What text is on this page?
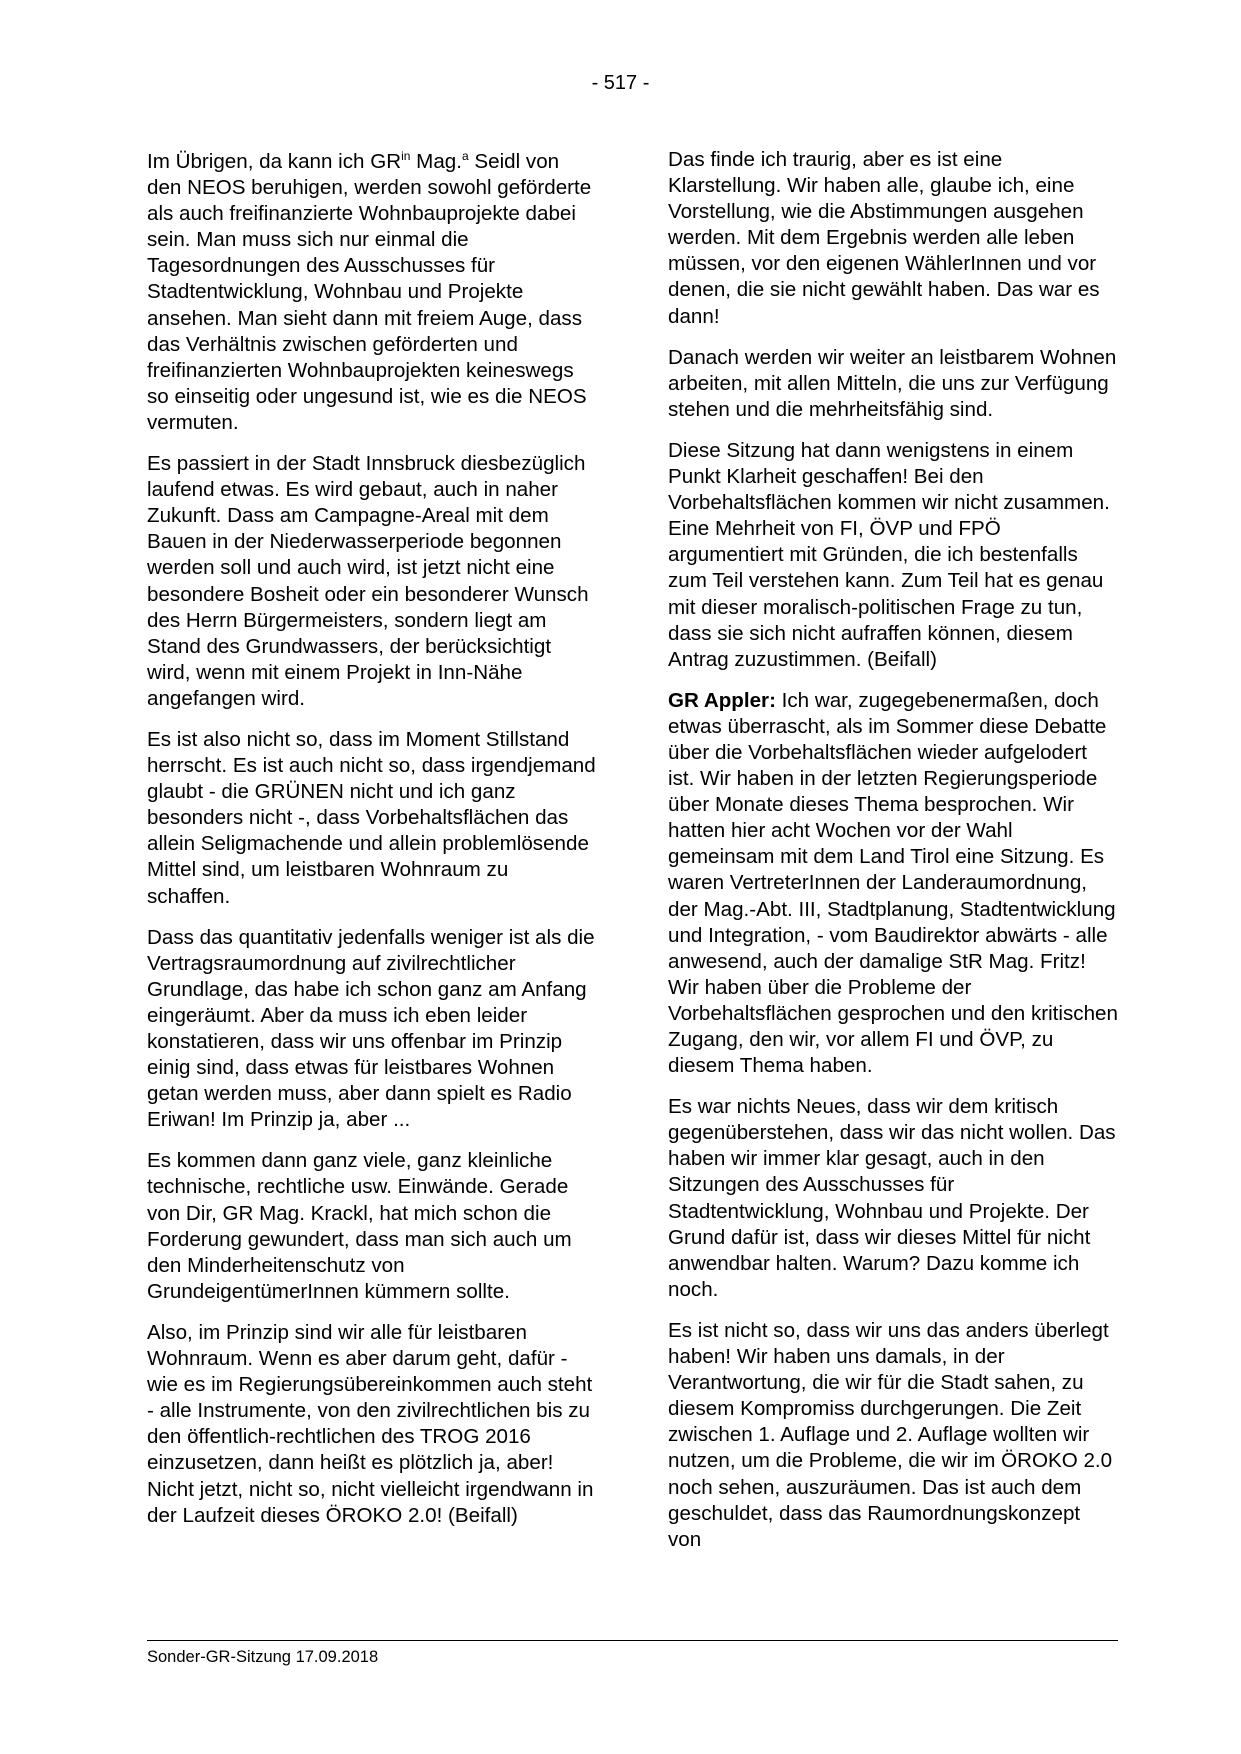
- 517 -

Im Übrigen, da kann ich $GR^{in}$ Mag.$^a$ Seidl von den NEOS beruhigen, werden sowohl geförderte als auch freifinanzierte Wohnbauprojekte dabei sein. Man muss sich nur einmal die Tagesordnungen des Ausschusses für Stadtentwicklung, Wohnbau und Projekte ansehen. Man sieht dann mit freiem Auge, dass das Verhältnis zwischen geförderten und freifinanzierten Wohnbauprojekten keineswegs so einseitig oder ungesund ist, wie es die NEOS vermuten.

Es passiert in der Stadt Innsbruck diesbezüglich laufend etwas. Es wird gebaut, auch in naher Zukunft. Dass am Campagne-Areal mit dem Bauen in der Niederwasserperiode begonnen werden soll und auch wird, ist jetzt nicht eine besondere Bosheit oder ein besonderer Wunsch des Herrn Bürgermeisters, sondern liegt am Stand des Grundwassers, der berücksichtigt wird, wenn mit einem Projekt in Inn-Nähe angefangen wird.

Es ist also nicht so, dass im Moment Stillstand herrscht. Es ist auch nicht so, dass irgendjemand glaubt - die GRÜNEN nicht und ich ganz besonders nicht -, dass Vorbehaltsflächen das allein Seligmachende und allein problemlösende Mittel sind, um leistbaren Wohnraum zu schaffen.

Dass das quantitativ jedenfalls weniger ist als die Vertragsraumordnung auf zivilrechtlicher Grundlage, das habe ich schon ganz am Anfang eingeräumt. Aber da muss ich eben leider konstatieren, dass wir uns offenbar im Prinzip einig sind, dass etwas für leistbares Wohnen getan werden muss, aber dann spielt es Radio Eriwan! Im Prinzip ja, aber ...

Es kommen dann ganz viele, ganz kleinliche technische, rechtliche usw. Einwände. Gerade von Dir, GR Mag. Krackl, hat mich schon die Forderung gewundert, dass man sich auch um den Minderheitenschutz von GrundeigentümerInnen kümmern sollte.

Also, im Prinzip sind wir alle für leistbaren Wohnraum. Wenn es aber darum geht, dafür - wie es im Regierungsübereinkommen auch steht - alle Instrumente, von den zivilrechtlichen bis zu den öffentlich-rechtlichen des TROG 2016 einzusetzen, dann heißt es plötzlich ja, aber! Nicht jetzt, nicht so, nicht vielleicht irgendwann in der Laufzeit dieses ÖROKO 2.0! (Beifall)

Das finde ich traurig, aber es ist eine Klarstellung. Wir haben alle, glaube ich, eine Vorstellung, wie die Abstimmungen ausgehen werden. Mit dem Ergebnis werden alle leben müssen, vor den eigenen WählerInnen und vor denen, die sie nicht gewählt haben. Das war es dann!

Danach werden wir weiter an leistbarem Wohnen arbeiten, mit allen Mitteln, die uns zur Verfügung stehen und die mehrheitsfähig sind.

Diese Sitzung hat dann wenigstens in einem Punkt Klarheit geschaffen! Bei den Vorbehaltsflächen kommen wir nicht zusammen. Eine Mehrheit von FI, ÖVP und FPÖ argumentiert mit Gründen, die ich bestenfalls zum Teil verstehen kann. Zum Teil hat es genau mit dieser moralisch-politischen Frage zu tun, dass sie sich nicht aufraffen können, diesem Antrag zuzustimmen. (Beifall)

GR Appler: Ich war, zugegebenermaßen, doch etwas überrascht, als im Sommer diese Debatte über die Vorbehaltsflächen wieder aufgelodert ist. Wir haben in der letzten Regierungsperiode über Monate dieses Thema besprochen. Wir hatten hier acht Wochen vor der Wahl gemeinsam mit dem Land Tirol eine Sitzung. Es waren VertreterInnen der Landeraumordnung, der Mag.-Abt. III, Stadtplanung, Stadtentwicklung und Integration, - vom Baudirektor abwärts - alle anwesend, auch der damalige StR Mag. Fritz! Wir haben über die Probleme der Vorbehaltsflächen gesprochen und den kritischen Zugang, den wir, vor allem FI und ÖVP, zu diesem Thema haben.

Es war nichts Neues, dass wir dem kritisch gegenüberstehen, dass wir das nicht wollen. Das haben wir immer klar gesagt, auch in den Sitzungen des Ausschusses für Stadtentwicklung, Wohnbau und Projekte. Der Grund dafür ist, dass wir dieses Mittel für nicht anwendbar halten. Warum? Dazu komme ich noch.

Es ist nicht so, dass wir uns das anders überlegt haben! Wir haben uns damals, in der Verantwortung, die wir für die Stadt sahen, zu diesem Kompromiss durchgerungen. Die Zeit zwischen 1. Auflage und 2. Auflage wollten wir nutzen, um die Probleme, die wir im ÖROKO 2.0 noch sehen, auszuräumen. Das ist auch dem geschuldet, dass das Raumordnungskonzept von

Sonder-GR-Sitzung 17.09.2018
